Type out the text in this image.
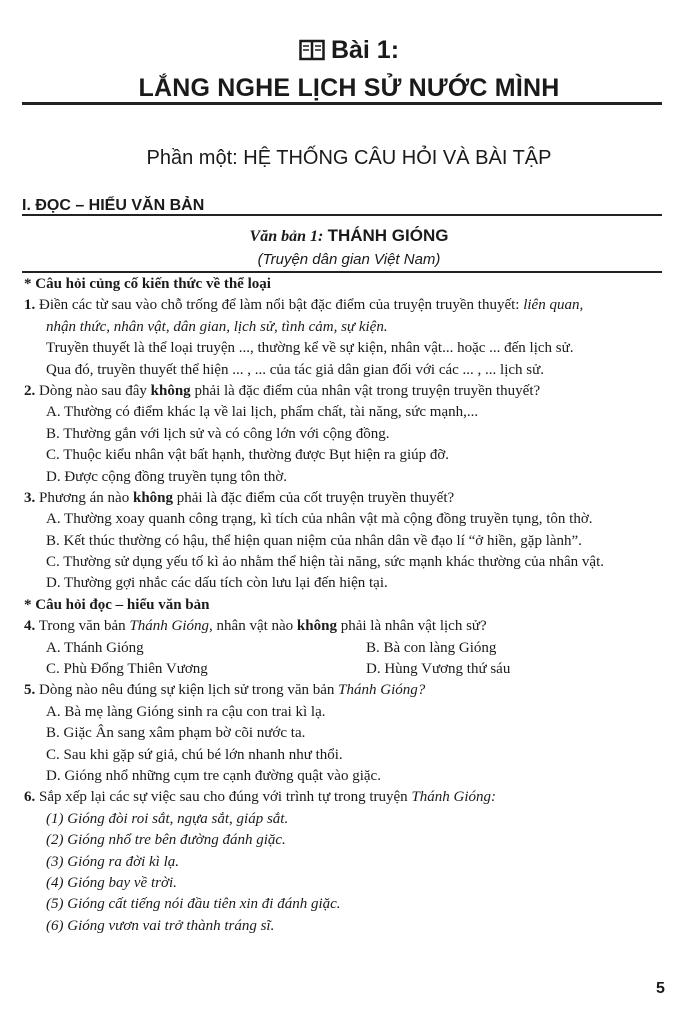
Bài 1:
LẮNG NGHE LỊCH SỬ NƯỚC MÌNH
Phần một: HỆ THỐNG CÂU HỎI VÀ BÀI TẬP
I. ĐỌC – HIỂU VĂN BẢN
Văn bản 1: THÁNH GIÓNG
(Truyện dân gian Việt Nam)
* Câu hỏi củng cố kiến thức về thể loại
1. Điền các từ sau vào chỗ trống để làm nổi bật đặc điểm của truyện truyền thuyết: liên quan,
nhận thức, nhân vật, dân gian, lịch sử, tình cảm, sự kiện.
Truyền thuyết là thể loại truyện ..., thường kể về sự kiện, nhân vật... hoặc ... đến lịch sử.
Qua đó, truyền thuyết thể hiện ... , ... của tác giả dân gian đối với các ... , ... lịch sử.
2. Dòng nào sau đây không phải là đặc điểm của nhân vật trong truyện truyền thuyết?
A. Thường có điểm khác lạ về lai lịch, phẩm chất, tài năng, sức mạnh,...
B. Thường gắn với lịch sử và có công lớn với cộng đồng.
C. Thuộc kiểu nhân vật bất hạnh, thường được Bụt hiện ra giúp đỡ.
D. Được cộng đồng truyền tụng tôn thờ.
3. Phương án nào không phải là đặc điểm của cốt truyện truyền thuyết?
A. Thường xoay quanh công trạng, kì tích của nhân vật mà cộng đồng truyền tụng, tôn thờ.
B. Kết thúc thường có hậu, thể hiện quan niệm của nhân dân về đạo lí “ở hiền, gặp lành”.
C. Thường sử dụng yếu tố kì ảo nhằm thể hiện tài năng, sức mạnh khác thường của nhân vật.
D. Thường gợi nhắc các dấu tích còn lưu lại đến hiện tại.
* Câu hỏi đọc – hiểu văn bản
4. Trong văn bản Thánh Gióng, nhân vật nào không phải là nhân vật lịch sử?
A. Thánh Gióng	B. Bà con làng Gióng
C. Phù Đổng Thiên Vương	D. Hùng Vương thứ sáu
5. Dòng nào nêu đúng sự kiện lịch sử trong văn bản Thánh Gióng?
A. Bà mẹ làng Gióng sinh ra cậu con trai kì lạ.
B. Giặc Ân sang xâm phạm bờ cõi nước ta.
C. Sau khi gặp sứ giả, chú bé lớn nhanh như thổi.
D. Gióng nhổ những cụm tre cạnh đường quật vào giặc.
6. Sắp xếp lại các sự việc sau cho đúng với trình tự trong truyện Thánh Gióng:
(1) Gióng đòi roi sắt, ngựa sắt, giáp sắt.
(2) Gióng nhổ tre bên đường đánh giặc.
(3) Gióng ra đời kì lạ.
(4) Gióng bay về trời.
(5) Gióng cất tiếng nói đầu tiên xin đi đánh giặc.
(6) Gióng vươn vai trở thành tráng sĩ.
5
